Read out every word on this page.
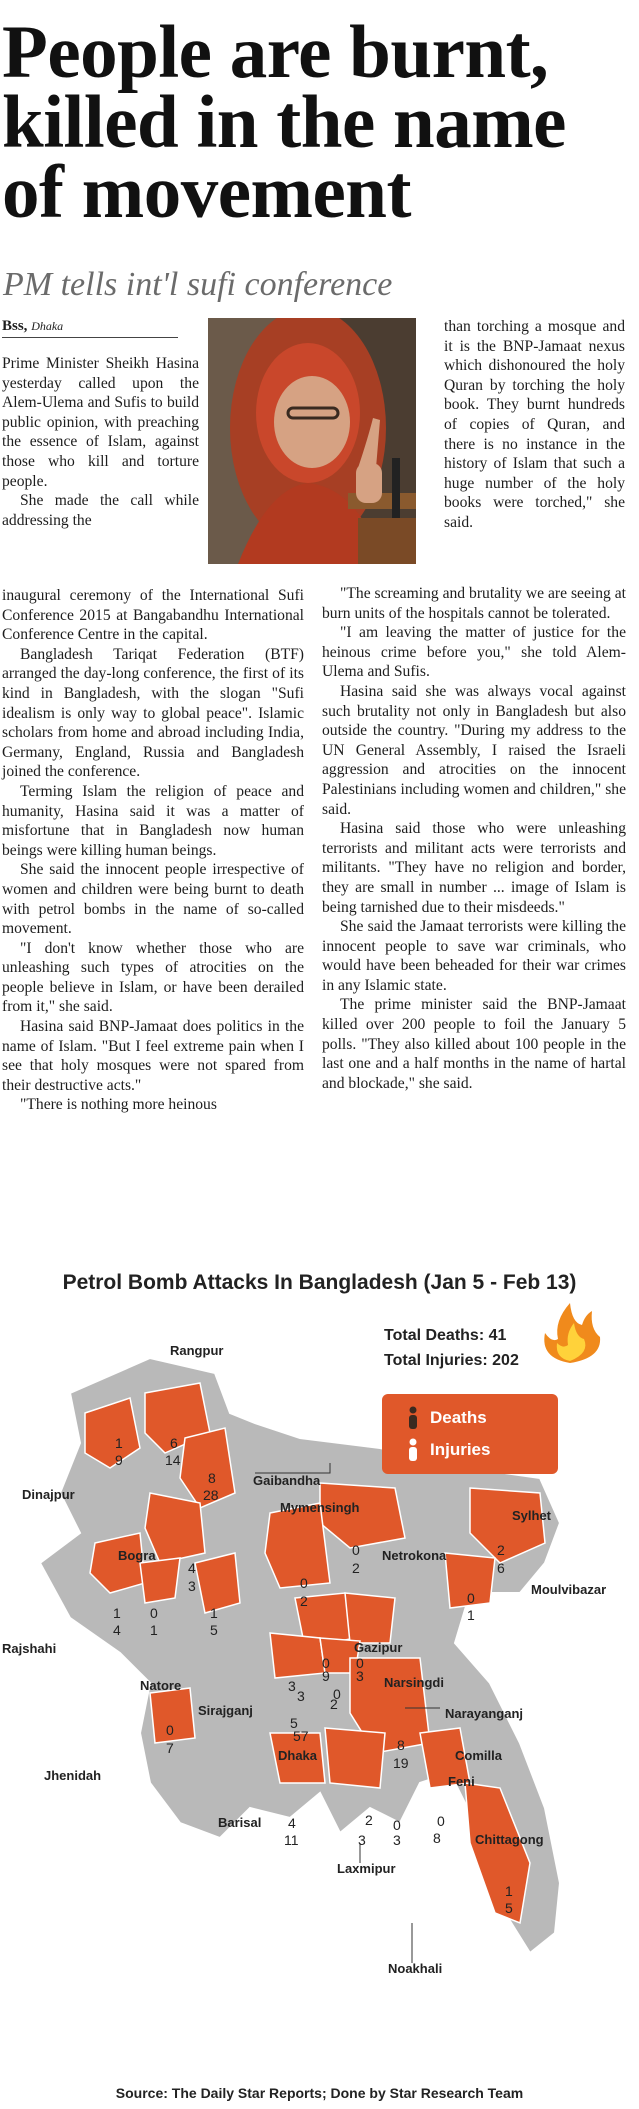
People are burnt, killed in the name of movement
PM tells int'l sufi conference
Bss, Dhaka

Prime Minister Sheikh Hasina yesterday called upon the Alem-Ulema and Sufis to build public opinion, with preaching the essence of Islam, against those who kill and torture people.

She made the call while addressing the

inaugural ceremony of the International Sufi Conference 2015 at Bangabandhu International Conference Centre in the capital.

Bangladesh Tariqat Federation (BTF) arranged the day-long conference, the first of its kind in Bangladesh, with the slogan "Sufi idealism is only way to global peace". Islamic scholars from home and abroad including India, Germany, England, Russia and Bangladesh joined the conference.

Terming Islam the religion of peace and humanity, Hasina said it was a matter of misfortune that in Bangladesh now human beings were killing human beings.

She said the innocent people irrespective of women and children were being burnt to death with petrol bombs in the name of so-called movement.

"I don't know whether those who are unleashing such types of atrocities on the people believe in Islam, or have been derailed from it," she said.

Hasina said BNP-Jamaat does politics in the name of Islam. "But I feel extreme pain when I see that holy mosques were not spared from their destructive acts."

"There is nothing more heinous

than torching a mosque and it is the BNP-Jamaat nexus which dishonoured the holy Quran by torching the holy book. They burnt hundreds of copies of Quran, and there is no instance in the history of Islam that such a huge number of the holy books were torched," she said.

"The screaming and brutality we are seeing at burn units of the hospitals cannot be tolerated.

"I am leaving the matter of justice for the heinous crime before you," she told Alem-Ulema and Sufis.

Hasina said she was always vocal against such brutality not only in Bangladesh but also outside the country. "During my address to the UN General Assembly, I raised the Israeli aggression and atrocities on the innocent Palestinians including women and children," she said.

Hasina said those who were unleashing terrorists and militant acts were terrorists and militants. "They have no religion and border, they are small in number ... image of Islam is being tarnished due to their misdeeds."

She said the Jamaat terrorists were killing the innocent people to save war criminals, who would have been beheaded for their war crimes in any Islamic state.

The prime minister said the BNP-Jamaat killed over 200 people to foil the January 5 polls. "They also killed about 100 people in the last one and a half months in the name of hartal and blockade," she said.

Rangpur
Dinajpur
Gaibandha
Mymensingh
Sylhet
Bogra	Netrokona
Moulvibazar
Rajshahi	Gazipur
Narsingdi
Natore
Sirajganj	Narayanganj
Dhaka	Comilla
Jhenidah	Feni
Barisal
Chittagong
Laxmipur
Noakhali
1
9
6
14
8
28
4
3
0
2
0
2
2
6
1
4
0
1
1
5
0
1
0
9
0
3
3
3 0
2
5
57
8
19
0
7
4
11
2
3
0
3
0
8
1
5
Petrol Bomb Attacks In Bangladesh (Jan 5 - Feb 13)
Total Deaths: 41
Total Injuries: 202
Deaths
Injuries
Source: The Daily Star Reports; Done by Star Research Team
